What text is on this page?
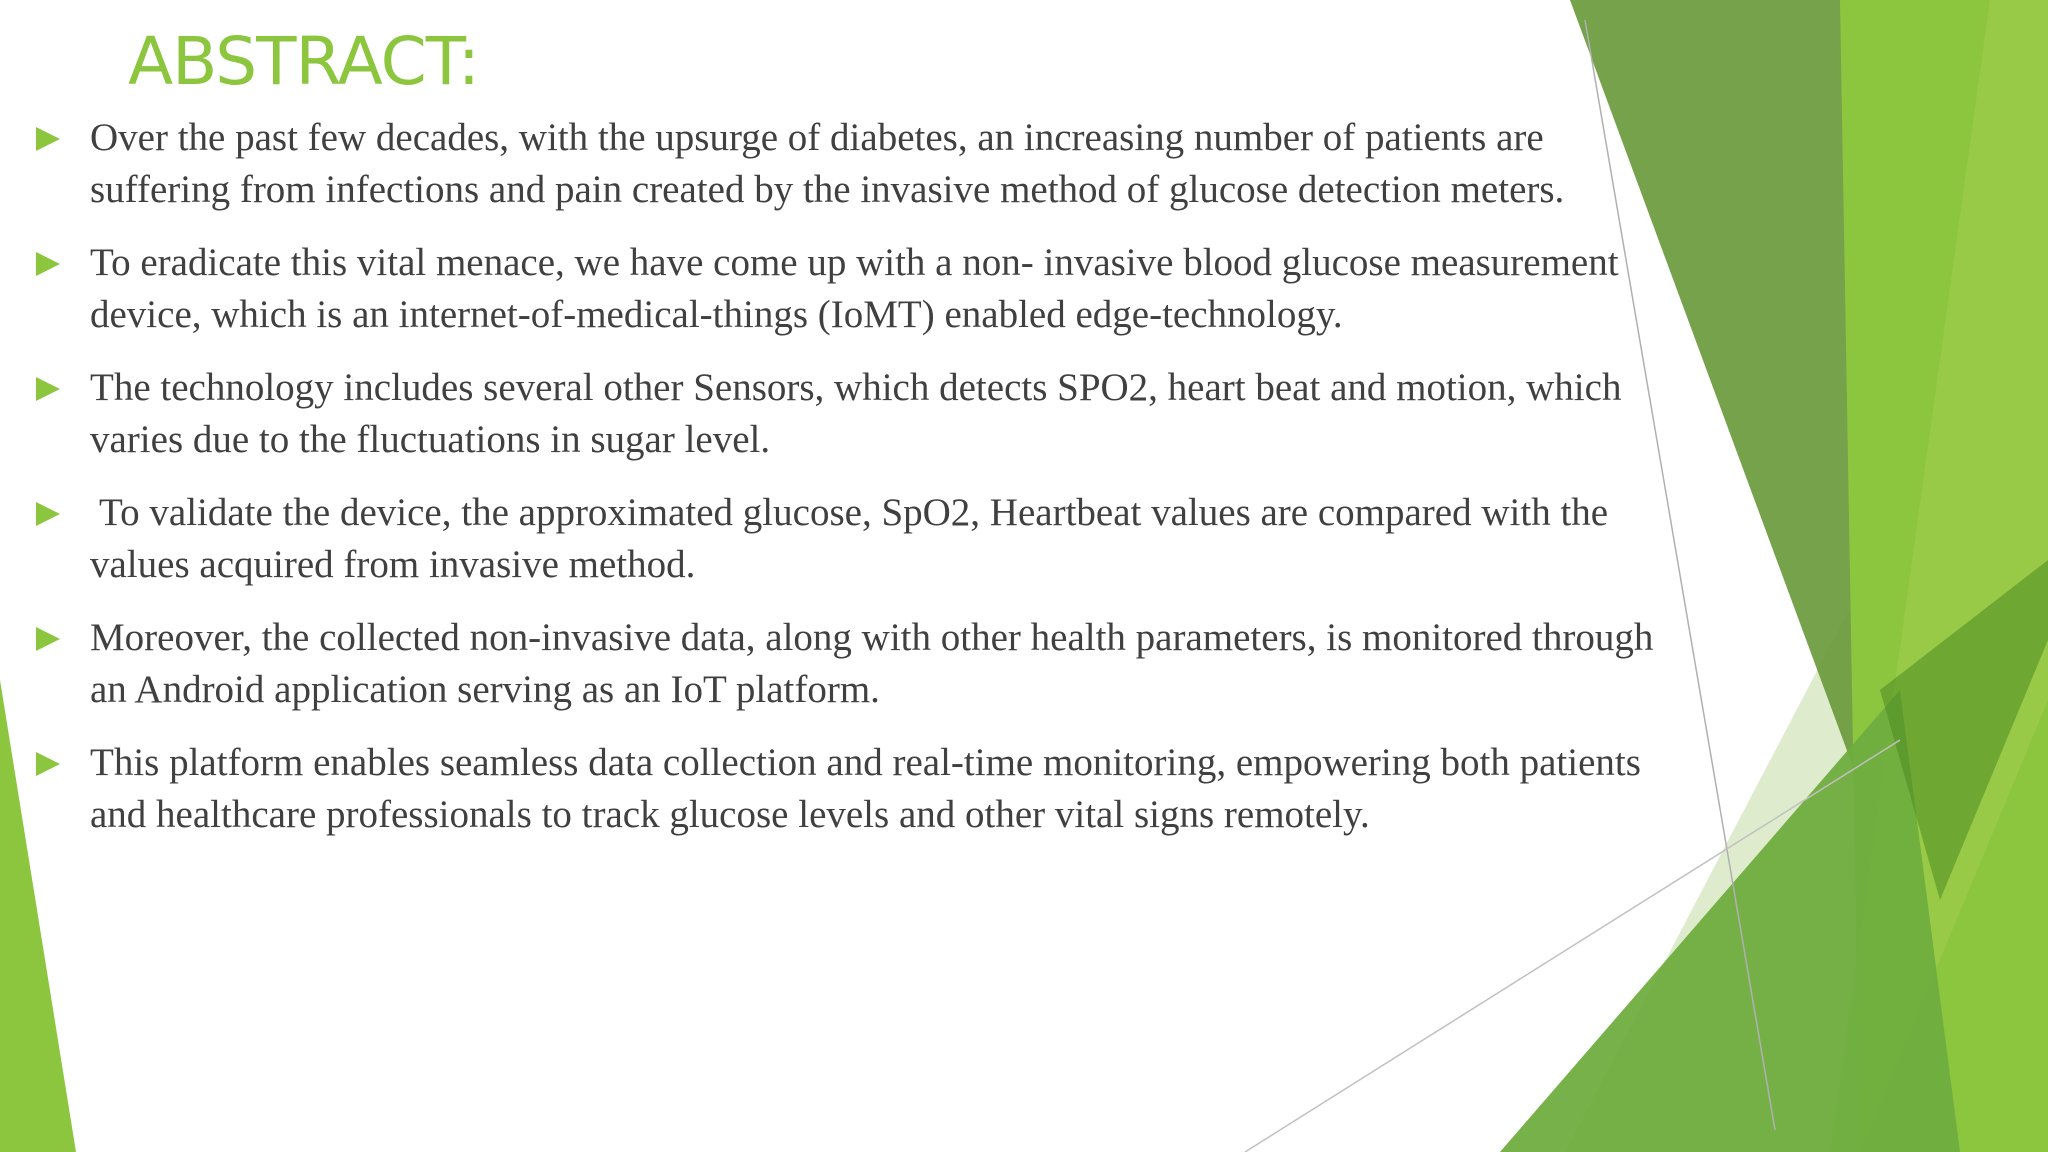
ABSTRACT:
Over the past few decades, with the upsurge of diabetes, an increasing number of patients are
suffering from infections and pain created by the invasive method of glucose detection meters.
To eradicate this vital menace, we have come up with a non- invasive blood glucose measurement
device, which is an internet-of-medical-things (IoMT) enabled edge-technology.
The technology includes several other Sensors, which detects SPO2, heart beat and motion, which
varies due to the fluctuations in sugar level.
To validate the device, the approximated glucose, SpO2, Heartbeat values are compared with the
values acquired from invasive method.
Moreover, the collected non-invasive data, along with other health parameters, is monitored through
an Android application serving as an IoT platform.
This platform enables seamless data collection and real-time monitoring, empowering both patients
and healthcare professionals to track glucose levels and other vital signs remotely.
